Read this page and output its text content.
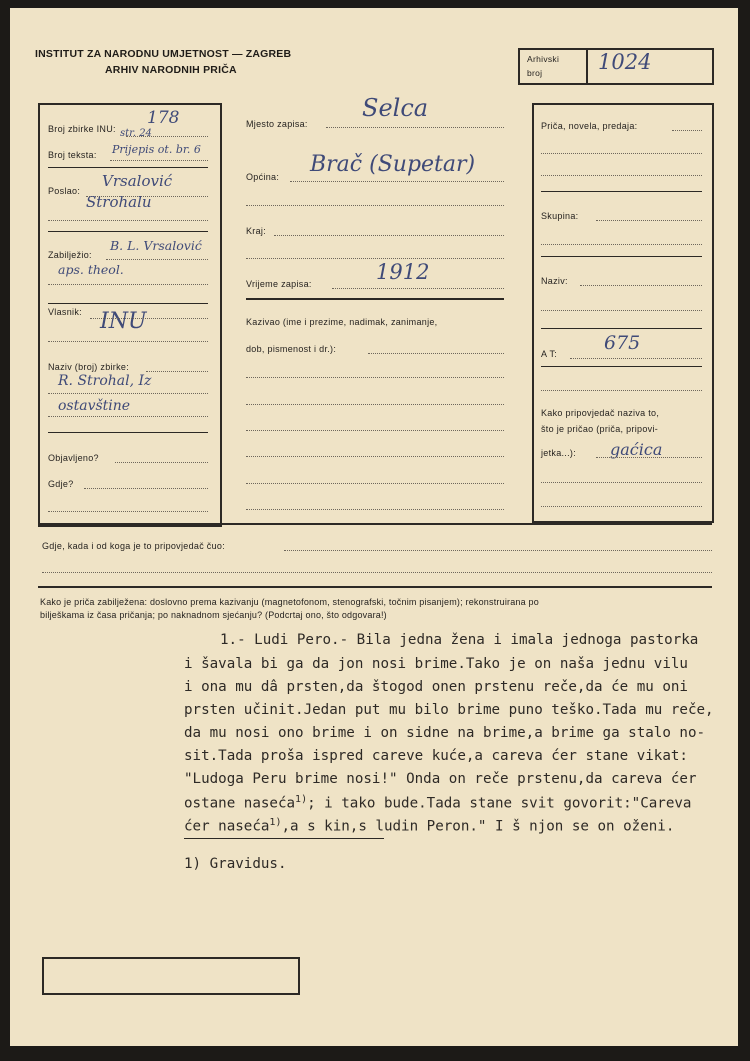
INSTITUT ZA NARODNU UMJETNOST — ZAGREB
ARHIV NARODNIH PRIČA
Arhivski
broj	1024
Broj zbirke INU:
178
str. 24
Broj teksta: Prijepis ot. br. 6
Poslao:
Vrsalović
Strohalu
Zabilježio:
B. L. Vrsalović
aps. theol.
Vlasnik: INU
Naziv (broj) zbirke:
R. Strohal, Iz
ostavštine
Objavljeno?
Gdje?
Mjesto zapisa:
Selca
Općina: Brač (Supetar)
Kraj:
Vrijeme zapisa:	1912
Kazivao (ime i prezime, nadimak, zanimanje,
dob, pismenost i dr.):
Priča, novela, predaja:
Skupina:
Naziv:
A T: 675
Kako pripovjedač naziva to,
što je pričao (priča, pripovi-
jetka...): gaćica
Gdje, kada i od koga je to pripovjedač čuo:
Kako je priča zabilježena: doslovno prema kazivanju (magnetofonom, stenografski, točnim pisanjem); rekonstruirana po
bilješkama iz časa pričanja; po naknadnom sjećanju? (Podcrtaj ono, što odgovara!)
1.- Ludi Pero.- Bila jedna žena i imala jednoga pastorka
i šavala bi ga da jon nosi brime.Tako je on naša jednu vilu
i ona mu dâ prsten,da štogod onen prstenu reče,da će mu oni
prsten učinit.Jedan put mu bilo brime puno teško.Tada mu reče,
da mu nosi ono brime i on sidne na brime,a brime ga stalo no-
sit.Tada proša ispred careve kuće,a careva ćer stane vikat:
"Ludoga Peru brime nosi!" Onda on reče prstenu,da careva ćer
ostane naseća$^{1)}$; i tako bude.Tada stane svit govorit:"Careva
ćer naseća$^{1)}$,a s kin,s ludin Peron." I š njon se on oženi.
1) Gravidus.
